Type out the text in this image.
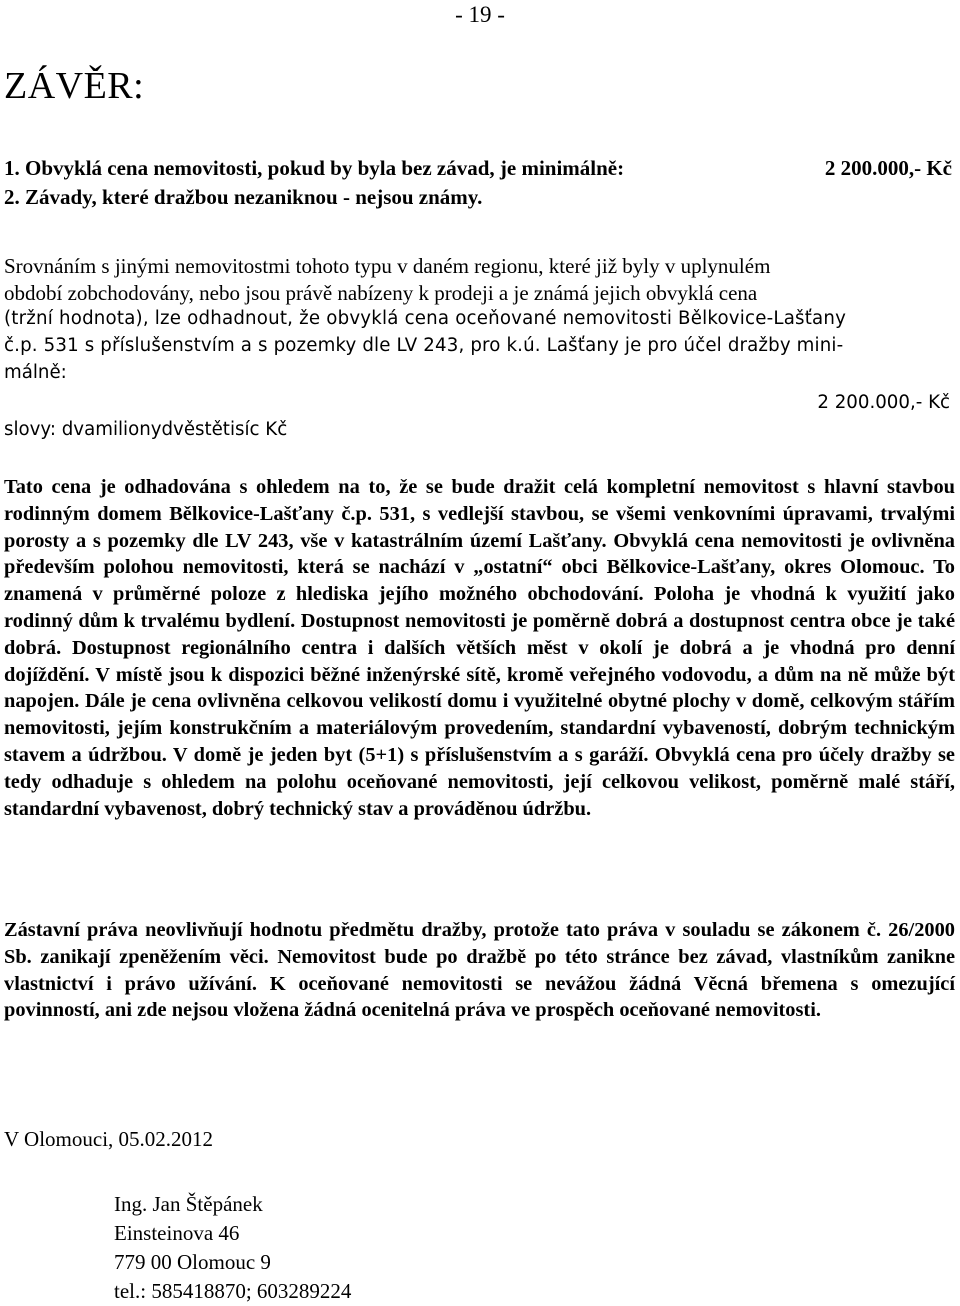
- 19 -
ZÁVĚR:
1. Obvyklá cena nemovitosti, pokud by byla bez závad, je minimálně:	2 200.000,- Kč
2. Závady, které dražbou nezaniknou - nejsou známy.
Srovnáním s jinými nemovitostmi tohoto typu v daném regionu, které již byly v uplynulém
období zobchodovány, nebo jsou právě nabízeny k prodeji a je známá jejich obvyklá cena
(tržní hodnota), lze odhadnout, že obvyklá cena oceňované nemovitosti Bělkovice-Lašťany
č.p. 531 s příslušenstvím a s pozemky dle LV 243, pro k.ú. Lašťany je pro účel dražby mini-
málně:
2 200.000,- Kč
slovy: dvamilionydvěstětisíc Kč
Tato cena je odhadována s ohledem na to, že se bude dražit celá kompletní nemovitost s hlavní stavbou rodinným domem Bělkovice-Lašťany č.p. 531, s vedlejší stavbou, se všemi venkovními úpravami, trvalými porosty a s pozemky dle LV 243, vše v katastrálním území Lašťany. Obvyklá cena nemovitosti je ovlivněna především polohou nemovitosti, která se nachází v „ostatní“ obci Bělkovice-Lašťany, okres Olomouc. To znamená v průměrné poloze z hlediska jejího možného obchodování. Poloha je vhodná k využití jako rodinný dům k trvalému bydlení. Dostupnost nemovitosti je poměrně dobrá a dostupnost centra obce je také dobrá. Dostupnost regionálního centra i dalších větších měst v okolí je dobrá a je vhodná pro denní dojíždění. V místě jsou k dispozici běžné inženýrské sítě, kromě veřejného vodovodu, a dům na ně může být napojen. Dále je cena ovlivněna celkovou velikostí domu i využitelné obytné plochy v domě, celkovým stářím nemovitosti, jejím konstrukčním a materiálovým provedením, standardní vybaveností, dobrým technickým stavem a údržbou. V domě je jeden byt (5+1) s příslušenstvím a s garáží. Obvyklá cena pro účely dražby se tedy odhaduje s ohledem na polohu oceňované nemovitosti, její celkovou velikost, poměrně malé stáří, standardní vybavenost, dobrý technický stav a prováděnou údržbu.
Zástavní práva neovlivňují hodnotu předmětu dražby, protože tato práva v souladu se zákonem č. 26/2000 Sb. zanikají zpeněžením věci. Nemovitost bude po dražbě po této stránce bez závad, vlastníkům zanikne vlastnictví i právo užívání. K oceňované nemovitosti se nevážou žádná Věcná břemena s omezující povinností, ani zde nejsou vložena žádná ocenitelná práva ve prospěch oceňované nemovitosti.
V Olomouci, 05.02.2012
Ing. Jan Štěpánek
Einsteinova 46
779 00 Olomouc 9
tel.: 585418870; 603289224
